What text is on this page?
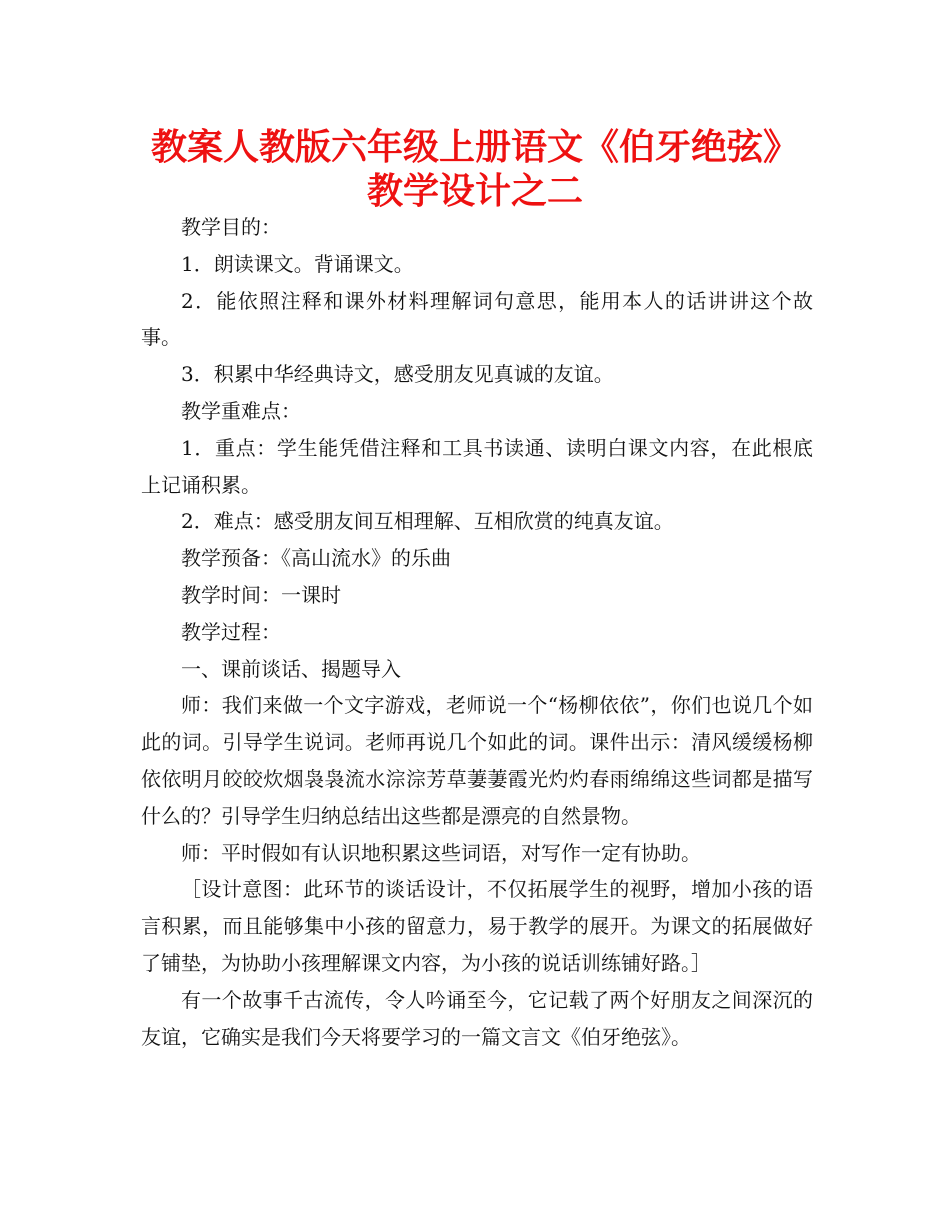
教案人教版六年级上册语文《伯牙绝弦》
教学设计之二

教学目的：

1．朗读课文。背诵课文。

2．能依照注释和课外材料理解词句意思，能用本人的话讲讲这个故事。

3．积累中华经典诗文，感受朋友见真诚的友谊。

教学重难点：

1．重点：学生能凭借注释和工具书读通、读明白课文内容，在此根底上记诵积累。

2．难点：感受朋友间互相理解、互相欣赏的纯真友谊。

教学预备：《高山流水》的乐曲

教学时间：一课时

教学过程：

一、课前谈话、揭题导入

师：我们来做一个文字游戏，老师说一个“杨柳依依”，你们也说几个如此的词。引导学生说词。老师再说几个如此的词。课件出示：清风缓缓杨柳依依明月皎皎炊烟袅袅流水淙淙芳草萋萋霞光灼灼春雨绵绵这些词都是描写什么的？引导学生归纳总结出这些都是漂亮的自然景物。

师：平时假如有认识地积累这些词语，对写作一定有协助。

［设计意图：此环节的谈话设计，不仅拓展学生的视野，增加小孩的语言积累，而且能够集中小孩的留意力，易于教学的展开。为课文的拓展做好了铺垫，为协助小孩理解课文内容，为小孩的说话训练铺好路。］

有一个故事千古流传，令人吟诵至今，它记载了两个好朋友之间深沉的友谊，它确实是我们今天将要学习的一篇文言文《伯牙绝弦》。
